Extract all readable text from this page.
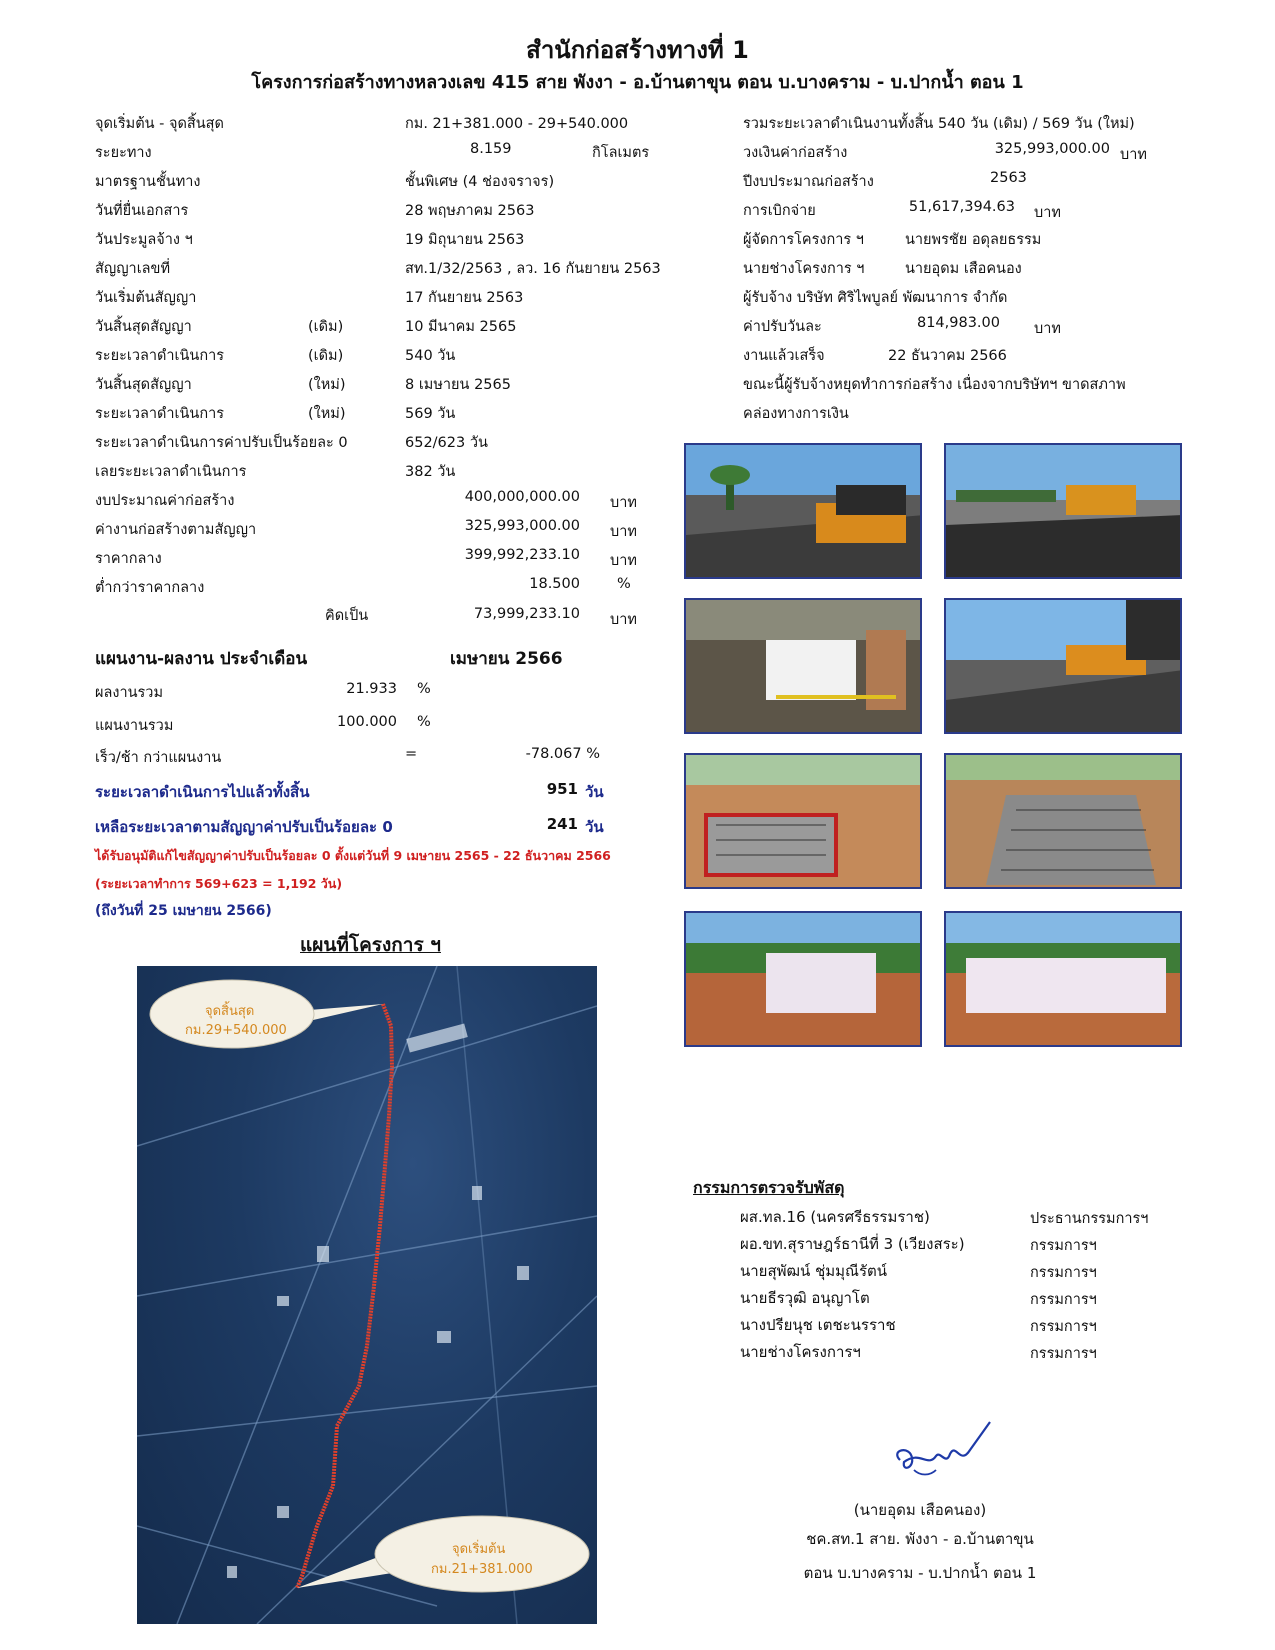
สำนักก่อสร้างทางที่ 1
โครงการก่อสร้างทางหลวงเลข 415 สาย พังงา - อ.บ้านตาขุน ตอน บ.บางคราม - บ.ปากน้ำ ตอน 1
จุดเริ่มต้น - จุดสิ้นสุด	กม. 21+381.000 - 29+540.000
ระยะทาง	8.159	กิโลเมตร
มาตรฐานชั้นทาง	ชั้นพิเศษ (4 ช่องจราจร)
วันที่ยื่นเอกสาร	28 พฤษภาคม 2563
วันประมูลจ้าง ฯ	19 มิถุนายน 2563
สัญญาเลขที่	สท.1/32/2563 , ลว. 16 กันยายน 2563
วันเริ่มต้นสัญญา	17 กันยายน 2563
วันสิ้นสุดสัญญา	(เดิม)	10 มีนาคม 2565
ระยะเวลาดำเนินการ	(เดิม)	540 วัน
วันสิ้นสุดสัญญา	(ใหม่)	8 เมษายน 2565
ระยะเวลาดำเนินการ	(ใหม่)	569 วัน
ระยะเวลาดำเนินการค่าปรับเป็นร้อยละ 0	652/623 วัน
เลยระยะเวลาดำเนินการ	382 วัน
งบประมาณค่าก่อสร้าง	400,000,000.00 บาท
ค่างานก่อสร้างตามสัญญา	325,993,000.00 บาท
ราคากลาง	399,992,233.10 บาท
ต่ำกว่าราคากลาง	18.500	%
คิดเป็น	73,999,233.10 บาท
แผนงาน-ผลงาน ประจำเดือน	เมษายน 2566
ผลงานรวม	21.933 %
แผนงานรวม	100.000 %
เร็ว/ช้า กว่าแผนงาน	=	-78.067 %
ระยะเวลาดำเนินการไปแล้วทั้งสิ้น	951 วัน
เหลือระยะเวลาตามสัญญาค่าปรับเป็นร้อยละ 0	241 วัน
ได้รับอนุมัติแก้ไขสัญญาค่าปรับเป็นร้อยละ 0 ตั้งแต่วันที่ 9 เมษายน 2565 - 22 ธันวาคม 2566
(ระยะเวลาทำการ 569+623 = 1,192 วัน)
(ถึงวันที่ 25 เมษายน 2566)
แผนที่โครงการ ฯ
จุดสิ้นสุด
กม.29+540.000
จุดเริ่มต้น
กม.21+381.000
รวมระยะเวลาดำเนินงานทั้งสิ้น 540 วัน (เดิม) / 569 วัน (ใหม่)
วงเงินค่าก่อสร้าง	325,993,000.00 บาท
ปีงบประมาณก่อสร้าง	2563
การเบิกจ่าย	51,617,394.63 บาท
ผู้จัดการโครงการ ฯ	นายพรชัย อดุลยธรรม
นายช่างโครงการ ฯ	นายอุดม เสือคนอง
ผู้รับจ้าง บริษัท ศิริไพบูลย์ พัฒนาการ จำกัด
ค่าปรับวันละ	814,983.00 บาท
งานแล้วเสร็จ	22 ธันวาคม 2566
ขณะนี้ผู้รับจ้างหยุดทำการก่อสร้าง เนื่องจากบริษัทฯ ขาดสภาพ
คล่องทางการเงิน
กรรมการตรวจรับพัสดุ
ผส.ทล.16 (นครศรีธรรมราช)	ประธานกรรมการฯ
ผอ.ขท.สุราษฎร์ธานีที่ 3 (เวียงสระ)	กรรมการฯ
นายสุพัฒน์ ชุ่มมุณีรัตน์	กรรมการฯ
นายธีรวุฒิ อนุญาโต	กรรมการฯ
นางปรียนุช เตชะนรราช	กรรมการฯ
นายช่างโครงการฯ	กรรมการฯ
(นายอุดม เสือคนอง)
ชค.สท.1 สาย. พังงา - อ.บ้านตาขุน
ตอน บ.บางคราม - บ.ปากน้ำ ตอน 1
